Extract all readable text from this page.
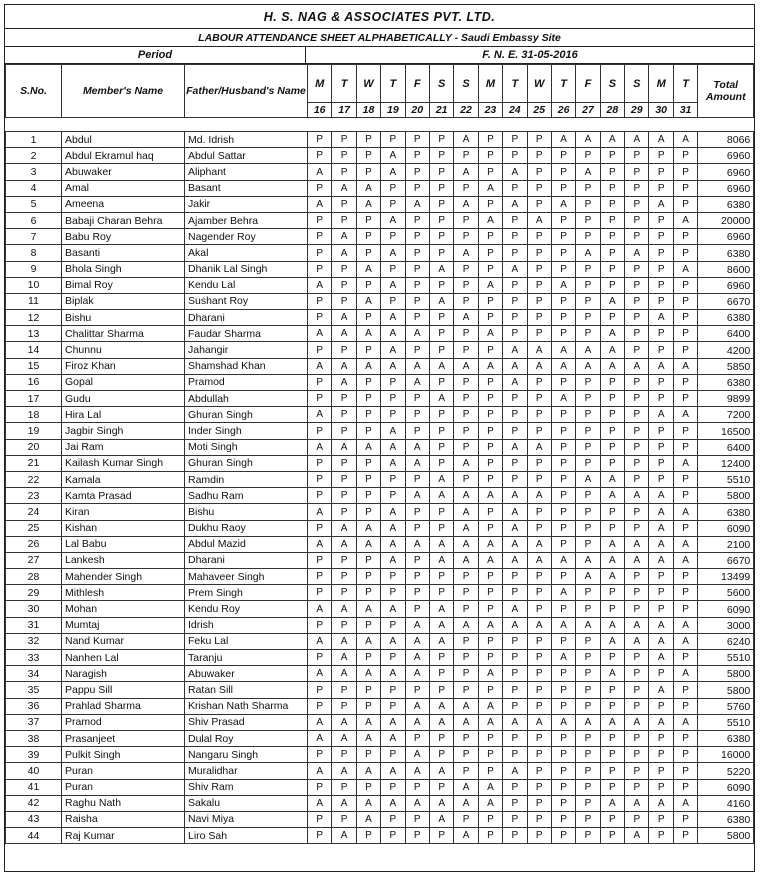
H. S. NAG & ASSOCIATES PVT. LTD.
LABOUR ATTENDANCE SHEET ALPHABETICALLY - Saudi Embassy Site
Period	F. N. E. 31-05-2016
S.No.	Member's Name	Father/Husband's Name	M	T	W	T	F	S	S	M	T	W	T	F	S	S	M	T	Total Amount
			16	17	18	19	20	21	22	23	24	25	26	27	28	29	30	31	

1	Abdul	Md. Idrish	P	P	P	P	P	P	A	P	P	P	A	A	A	A	A	A	8066
2	Abdul Ekramul haq	Abdul Sattar	P	P	P	A	P	P	P	P	P	P	P	P	P	P	P	P	6960
3	Abuwaker	Aliphant	A	P	P	A	P	P	A	P	A	P	P	A	P	P	P	P	6960
4	Amal	Basant	P	A	A	P	P	P	P	A	P	P	P	P	P	P	P	P	6960
5	Ameena	Jakir	A	P	A	P	A	P	A	P	A	P	A	P	P	P	A	P	6380
6	Babaji Charan Behra	Ajamber Behra	P	P	P	A	P	P	P	A	P	A	P	P	P	P	P	A	20000
7	Babu Roy	Nagender Roy	P	A	P	P	P	P	P	P	P	P	P	P	P	P	P	P	6960
8	Basanti	Akal	P	A	P	A	P	P	A	P	P	P	P	A	P	A	P	P	6380
9	Bhola Singh	Dhanik Lal Singh	P	P	A	P	P	A	P	P	A	P	P	P	P	P	P	A	8600
10	Bimal Roy	Kendu Lal	A	P	P	A	P	P	P	A	P	P	A	P	P	P	P	P	6960
11	Biplak	Sushant Roy	P	P	A	P	P	A	P	P	P	P	P	P	A	P	P	P	6670
12	Bishu	Dharani	P	A	P	A	P	P	A	P	P	P	P	P	P	P	A	P	6380
13	Chalittar Sharma	Faudar Sharma	A	A	A	A	A	P	P	A	P	P	P	P	A	P	P	P	6400
14	Chunnu	Jahangir	P	P	P	A	P	P	P	P	A	A	A	A	A	P	P	P	4200
15	Firoz Khan	Shamshad Khan	A	A	A	A	A	A	A	A	A	A	A	A	A	A	A	A	5850
16	Gopal	Pramod	P	A	P	P	A	P	P	P	A	P	P	P	P	P	P	P	6380
17	Gudu	Abdullah	P	P	P	P	P	A	P	P	P	P	A	P	P	P	P	P	9899
18	Hira Lal	Ghuran Singh	A	P	P	P	P	P	P	P	P	P	P	P	P	P	A	A	7200
19	Jagbir Singh	Inder Singh	P	P	P	A	P	P	P	P	P	P	P	P	P	P	P	P	16500
20	Jai Ram	Moti Singh	A	A	A	A	A	P	P	P	A	A	P	P	P	P	P	P	6400
21	Kailash Kumar Singh	Ghuran Singh	P	P	P	A	A	P	A	P	P	P	P	P	P	P	P	A	12400
22	Kamala	Ramdin	P	P	P	P	P	A	P	P	P	P	P	A	A	P	P	P	5510
23	Kamta Prasad	Sadhu Ram	P	P	P	P	A	A	A	A	A	A	P	P	A	A	A	P	5800
24	Kiran	Bishu	A	P	P	A	P	P	A	P	A	P	P	P	P	P	A	A	6380
25	Kishan	Dukhu Raoy	P	A	A	A	P	P	A	P	A	P	P	P	P	P	A	P	6090
26	Lal Babu	Abdul Mazid	A	A	A	A	A	A	A	A	A	A	P	P	A	A	A	A	2100
27	Lankesh	Dharani	P	P	P	A	P	A	A	A	A	A	A	A	A	A	A	A	6670
28	Mahender Singh	Mahaveer Singh	P	P	P	P	P	P	P	P	P	P	P	A	A	P	P	P	13499
29	Mithlesh	Prem Singh	P	P	P	P	P	P	P	P	P	P	A	P	P	P	P	P	5600
30	Mohan	Kendu Roy	A	A	A	A	P	A	P	P	A	P	P	P	P	P	P	P	6090
31	Mumtaj	Idrish	P	P	P	P	A	A	A	A	A	A	A	A	A	A	A	A	3000
32	Nand Kumar	Feku Lal	A	A	A	A	A	A	P	P	P	P	P	P	A	A	A	A	6240
33	Nanhen Lal	Taranju	P	A	P	P	A	P	P	P	P	P	A	P	P	P	A	P	5510
34	Naragish	Abuwaker	A	A	A	A	A	P	P	A	P	P	P	P	A	P	P	A	5800
35	Pappu Sill	Ratan Sill	P	P	P	P	P	P	P	P	P	P	P	P	P	P	A	P	5800
36	Prahlad Sharma	Krishan Nath Sharma	P	P	P	P	A	A	A	A	P	P	P	P	P	P	P	P	5760
37	Pramod	Shiv Prasad	A	A	A	A	A	A	A	A	A	A	A	A	A	A	A	A	5510
38	Prasanjeet	Dulal Roy	A	A	A	A	P	P	P	P	P	P	P	P	P	P	P	P	6380
39	Pulkit Singh	Nangaru Singh	P	P	P	P	A	P	P	P	P	P	P	P	P	P	P	P	16000
40	Puran	Muralidhar	A	A	A	A	A	A	P	P	A	P	P	P	P	P	P	P	5220
41	Puran	Shiv Ram	P	P	P	P	P	P	A	A	P	P	P	P	P	P	P	P	6090
42	Raghu Nath	Sakalu	A	A	A	A	A	A	A	A	P	P	P	P	A	A	A	A	4160
43	Raisha	Navi Miya	P	P	A	P	P	A	P	P	P	P	P	P	P	P	P	P	6380
44	Raj Kumar	Liro Sah	P	A	P	P	P	P	A	P	P	P	P	P	P	A	P	P	5800
